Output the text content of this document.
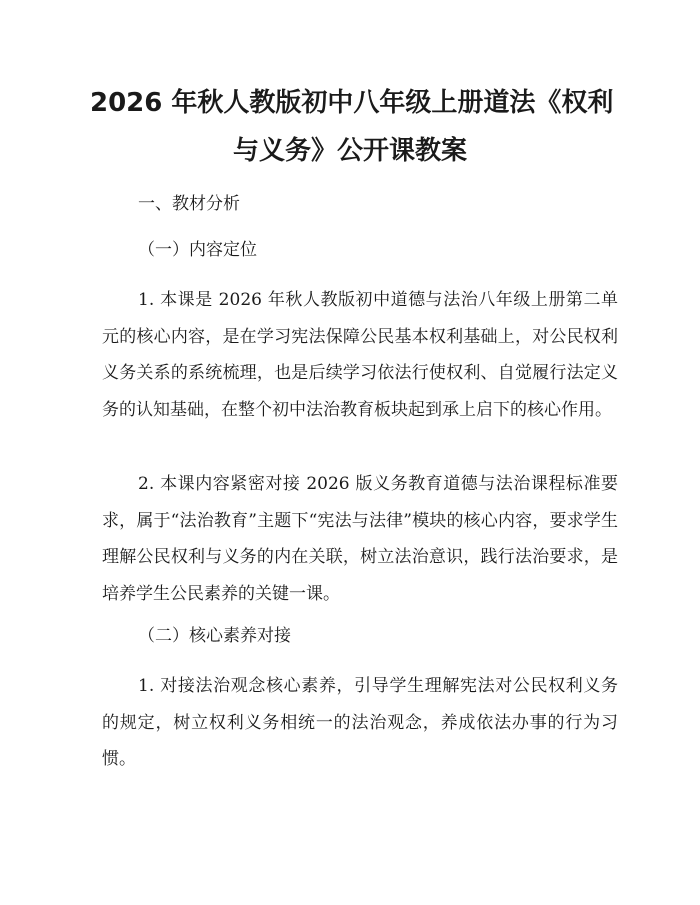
2026 年秋人教版初中八年级上册道法《权利
与义务》公开课教案

一、教材分析

（一）内容定位

1. 本课是 2026 年秋人教版初中道德与法治八年级上册第二单元的核心内容，是在学习宪法保障公民基本权利基础上，对公民权利义务关系的系统梳理，也是后续学习依法行使权利、自觉履行法定义务的认知基础，在整个初中法治教育板块起到承上启下的核心作用。

2. 本课内容紧密对接 2026 版义务教育道德与法治课程标准要求，属于“法治教育”主题下“宪法与法律”模块的核心内容，要求学生理解公民权利与义务的内在关联，树立法治意识，践行法治要求，是培养学生公民素养的关键一课。

（二）核心素养对接

1. 对接法治观念核心素养，引导学生理解宪法对公民权利义务的规定，树立权利义务相统一的法治观念，养成依法办事的行为习惯。
